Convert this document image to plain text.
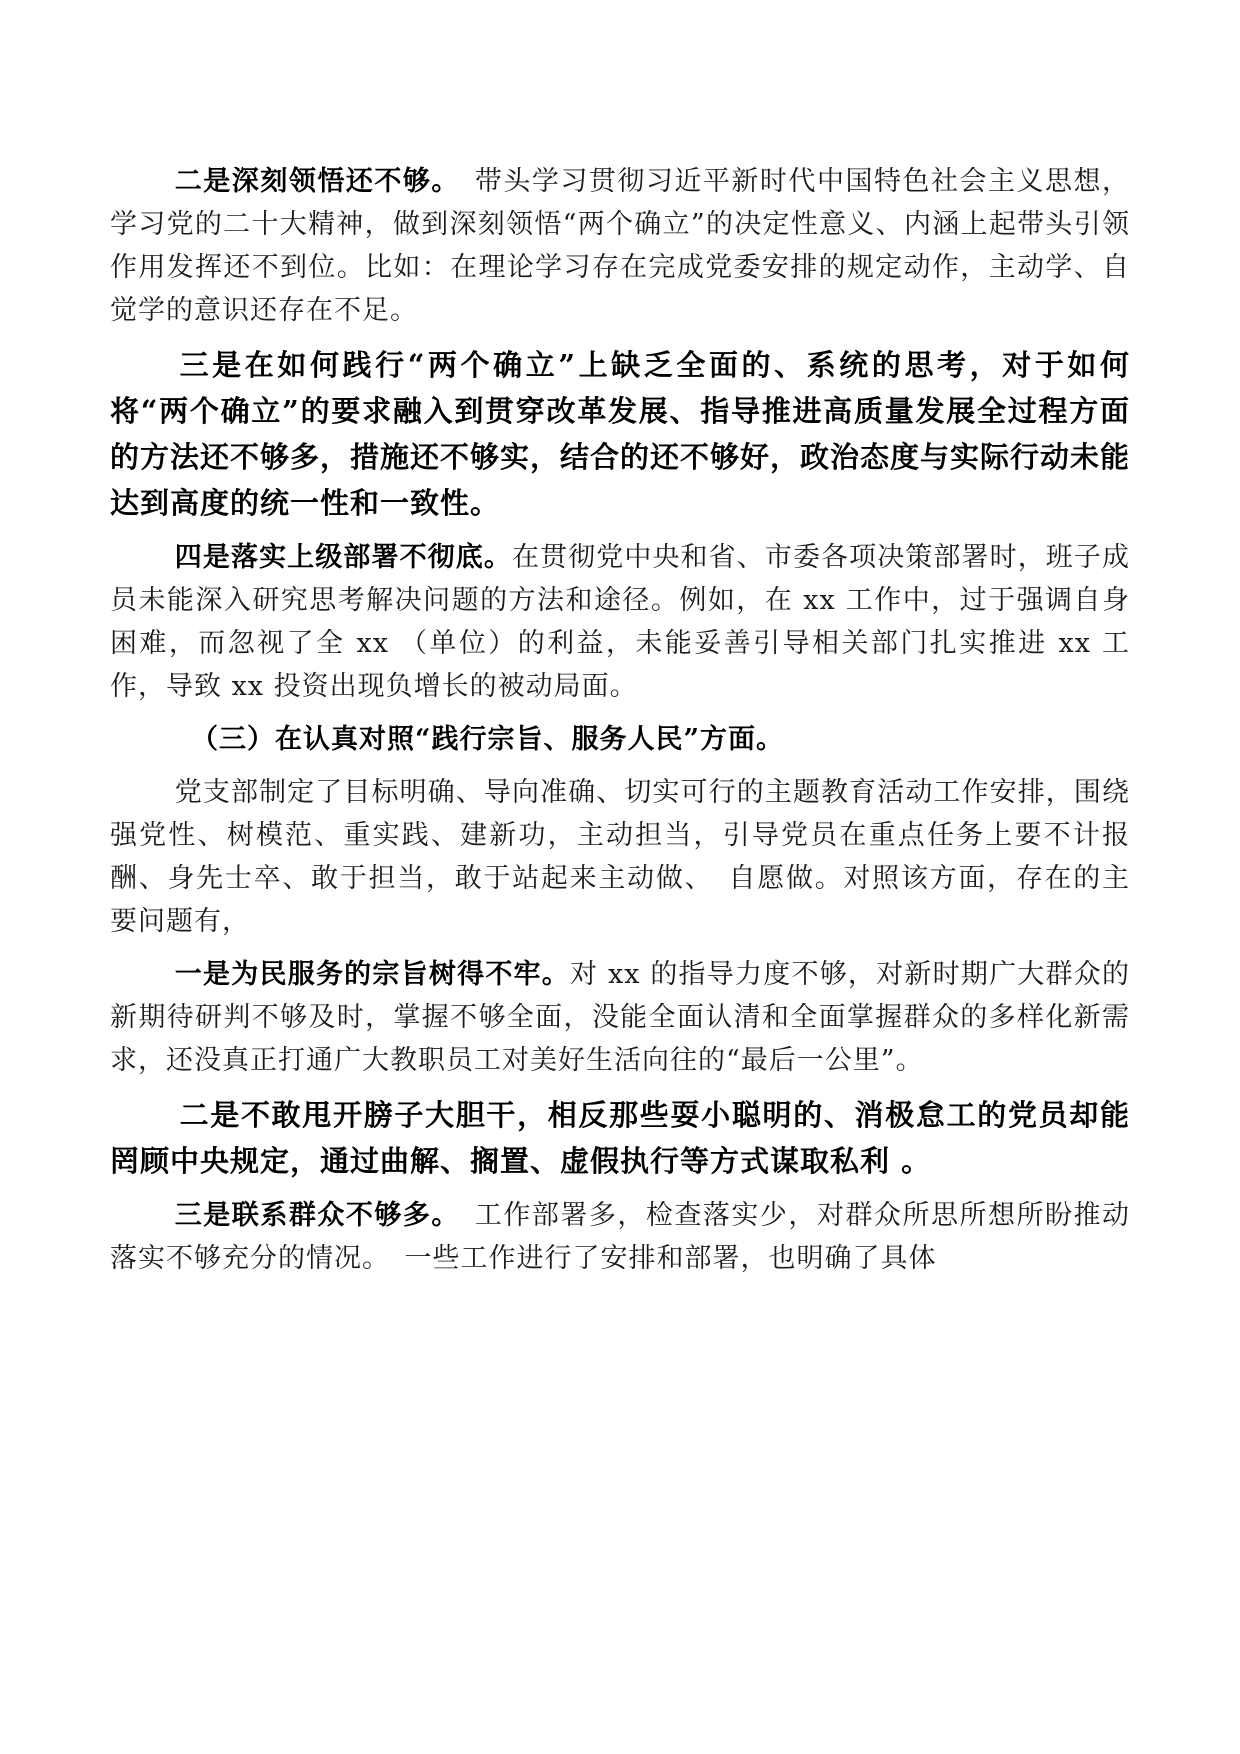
二是深刻领悟还不够。　带头学习贯彻习近平新时代中国特色社会主义思想，学习党的二十大精神，做到深刻领悟“两个确立”的决定性意义、内涵上起带头引领作用发挥还不到位。比如：在理论学习存在完成党委安排的规定动作，主动学、自觉学的意识还存在不足。

三是在如何践行“两个确立”上缺乏全面的、系统的思考，对于如何将“两个确立”的要求融入到贯穿改革发展、指导推进高质量发展全过程方面的方法还不够多，措施还不够实，结合的还不够好，政治态度与实际行动未能达到高度的统一性和一致性。

四是落实上级部署不彻底。在贯彻党中央和省、市委各项决策部署时，班子成员未能深入研究思考解决问题的方法和途径。例如，在 xx 工作中，过于强调自身困难，而忽视了全 xx （单位）的利益，未能妥善引导相关部门扎实推进 xx 工作，导致 xx 投资出现负增长的被动局面。

（三）在认真对照“践行宗旨、服务人民”方面。

党支部制定了目标明确、导向准确、切实可行的主题教育活动工作安排，围绕强党性、树模范、重实践、建新功，主动担当，引导党员在重点任务上要不计报酬、身先士卒、敢于担当，敢于站起来主动做、　自愿做。对照该方面，存在的主要问题有，

一是为民服务的宗旨树得不牢。对 xx 的指导力度不够，对新时期广大群众的新期待研判不够及时，掌握不够全面，没能全面认清和全面掌握群众的多样化新需求，还没真正打通广大教职员工对美好生活向往的“最后一公里”。

二是不敢甩开膀子大胆干，相反那些耍小聪明的、消极怠工的党员却能罔顾中央规定，通过曲解、搁置、虚假执行等方式谋取私利 。

三是联系群众不够多。　工作部署多，检查落实少，对群众所思所想所盼推动落实不够充分的情况。　一些工作进行了安排和部署，也明确了具体
